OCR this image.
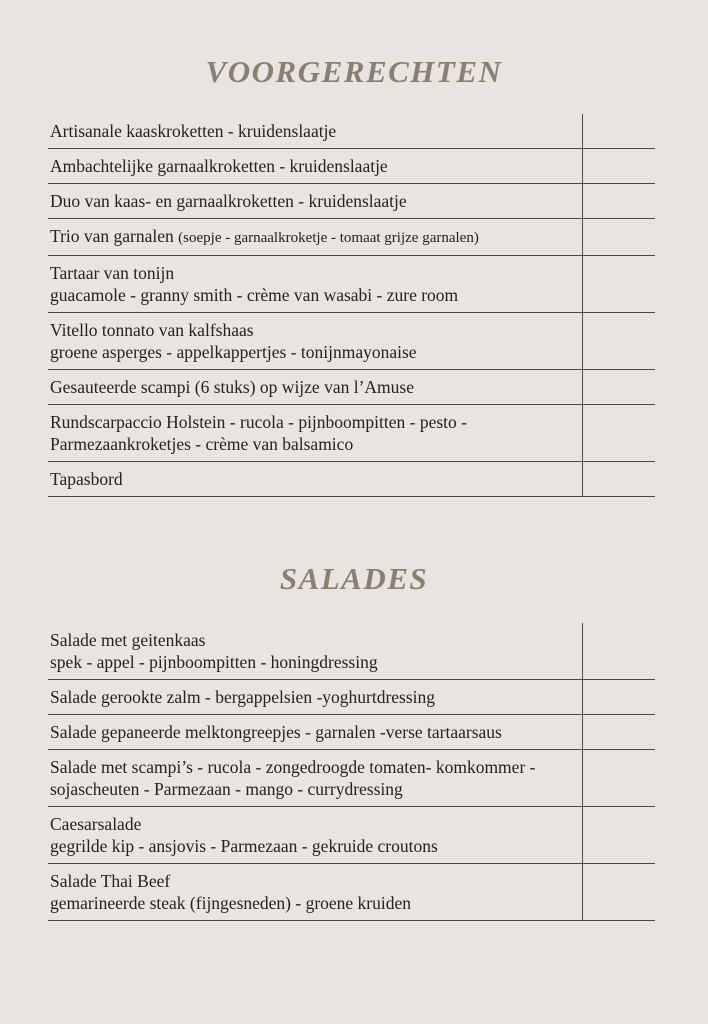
VOORGERECHTEN
Artisanale kaaskroketten - kruidenslaatje
Ambachtelijke garnaalkroketten - kruidenslaatje
Duo van kaas- en garnaalkroketten - kruidenslaatje
Trio van garnalen (soepje - garnaalkroketje - tomaat grijze garnalen)
Tartaar van tonijn
guacamole - granny smith - crème van wasabi - zure room
Vitello tonnato van kalfshaas
groene asperges - appelkappertjes - tonijnmayonaise
Gesauteerde scampi (6 stuks) op wijze van l’Amuse
Rundscarpaccio Holstein - rucola - pijnboompitten - pesto -
Parmezaankroketjes - crème van balsamico
Tapasbord
SALADES
Salade met geitenkaas
spek - appel - pijnboompitten - honingdressing
Salade gerookte zalm - bergappelsien -yoghurtdressing
Salade gepaneerde melktongreepjes - garnalen -verse tartaarsaus
Salade met scampi’s - rucola - zongedroogde tomaten- komkommer -
sojascheuten - Parmezaan - mango - currydressing
Caesarsalade
gegrilde kip - ansjovis - Parmezaan - gekruide croutons
Salade Thai Beef
gemarineerde steak (fijngesneden) - groene kruiden
